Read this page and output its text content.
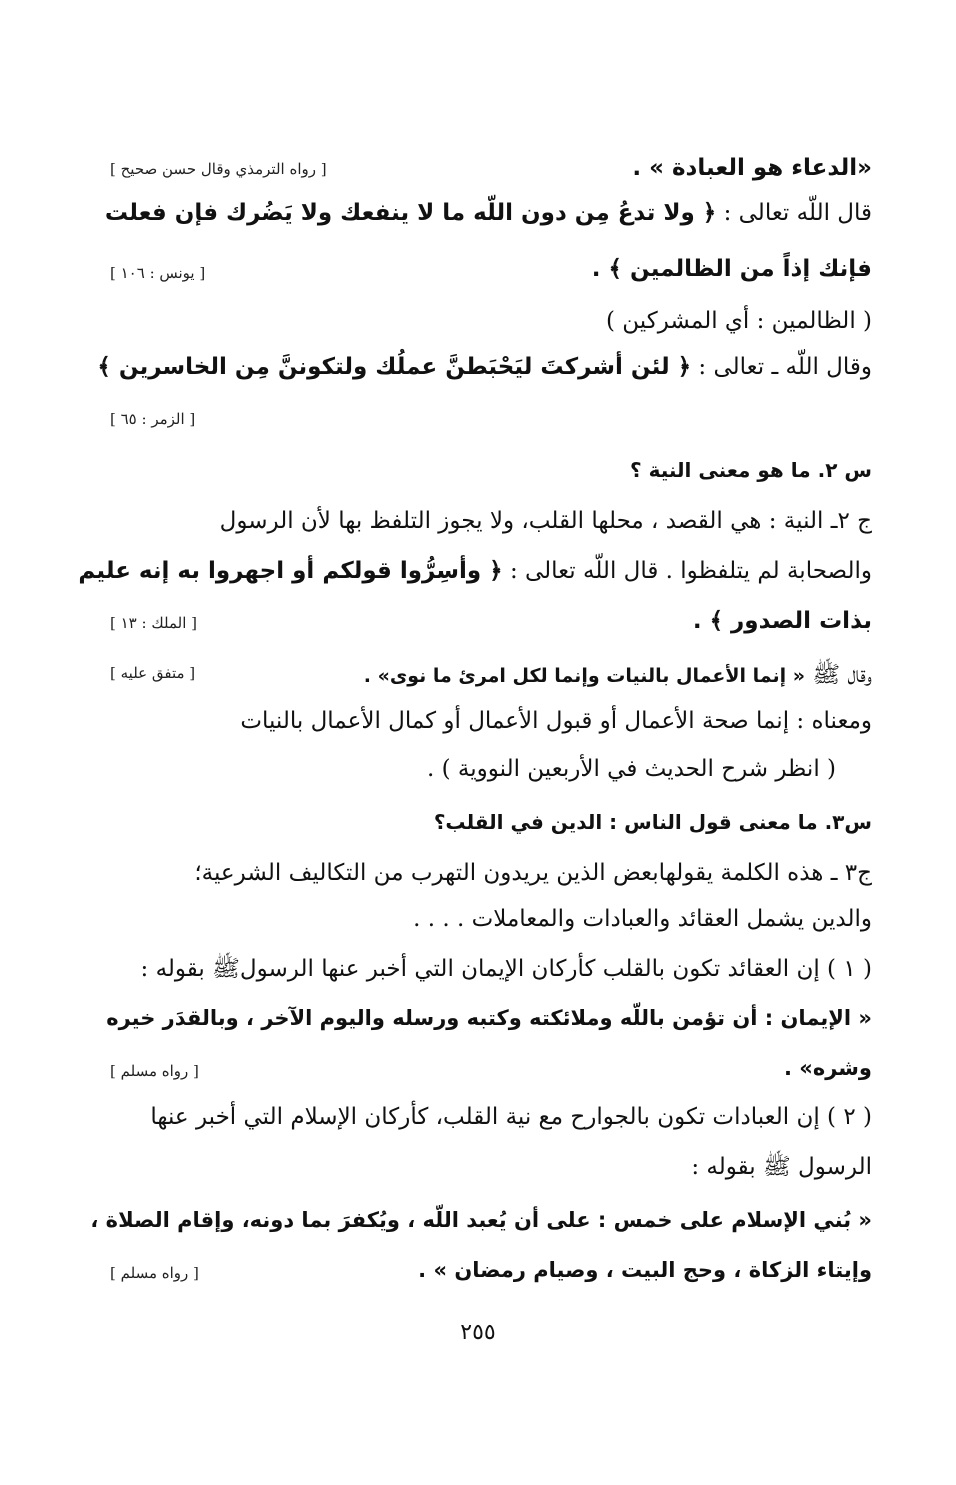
«الدعاء هو العبادة » .
[ رواه الترمذي وقال حسن صحيح ]
قال اللّه تعالى : ﴿ ولا تدعُ مِن دون اللّه ما لا ينفعك ولا يَضُرك فإن فعلت
فإنك إذاً من الظالمين ﴾ .
[ يونس : ١٠٦ ]
( الظالمين : أي المشركين )
وقال اللّه ـ تعالى : ﴿ لئن أشركتَ ليَحْبَطنَّ عملُك ولتكوننَّ مِن الخاسرين ﴾
[ الزمر : ٦٥ ]
س ٢. ما هو معنى النية ؟
ج ٢ـ النية : هي القصد ، محلها القلب، ولا يجوز التلفظ بها لأن الرسول
والصحابة لم يتلفظوا . قال اللّه تعالى : ﴿ وأسِرُّوا قولكم أو اجهروا به إنه عليم
بذات الصدور ﴾ .
[ الملك : ١٣ ]
وقال ﷺ « إنما الأعمال بالنيات وإنما لكل امرئ ما نوى» .
[ متفق عليه ]
ومعناه : إنما صحة الأعمال أو قبول الأعمال أو كمال الأعمال بالنيات
( انظر شرح الحديث في الأربعين النووية ) .
س٣. ما معنى قول الناس : الدين في القلب؟
ج٣ ـ هذه الكلمة يقولهابعض الذين يريدون التهرب من التكاليف الشرعية؛
والدين يشمل العقائد والعبادات والمعاملات . . . .
( ١ ) إن العقائد تكون بالقلب كأركان الإيمان التي أخبر عنها الرسولﷺ بقوله :
« الإيمان : أن تؤمن باللّه وملائكته وكتبه ورسله واليوم الآخر ، وبالقدَر خيره
وشره» .
[ رواه مسلم ]
( ٢ ) إن العبادات تكون بالجوارح مع نية القلب، كأركان الإسلام التي أخبر عنها
الرسول ﷺ بقوله :
« بُني الإسلام على خمس : على أن يُعبد اللّه ، ويُكفرَ بما دونه، وإقام الصلاة ،
وإيتاء الزكاة ، وحج البيت ، وصيام رمضان » .
[ رواه مسلم ]
٢٥٥
